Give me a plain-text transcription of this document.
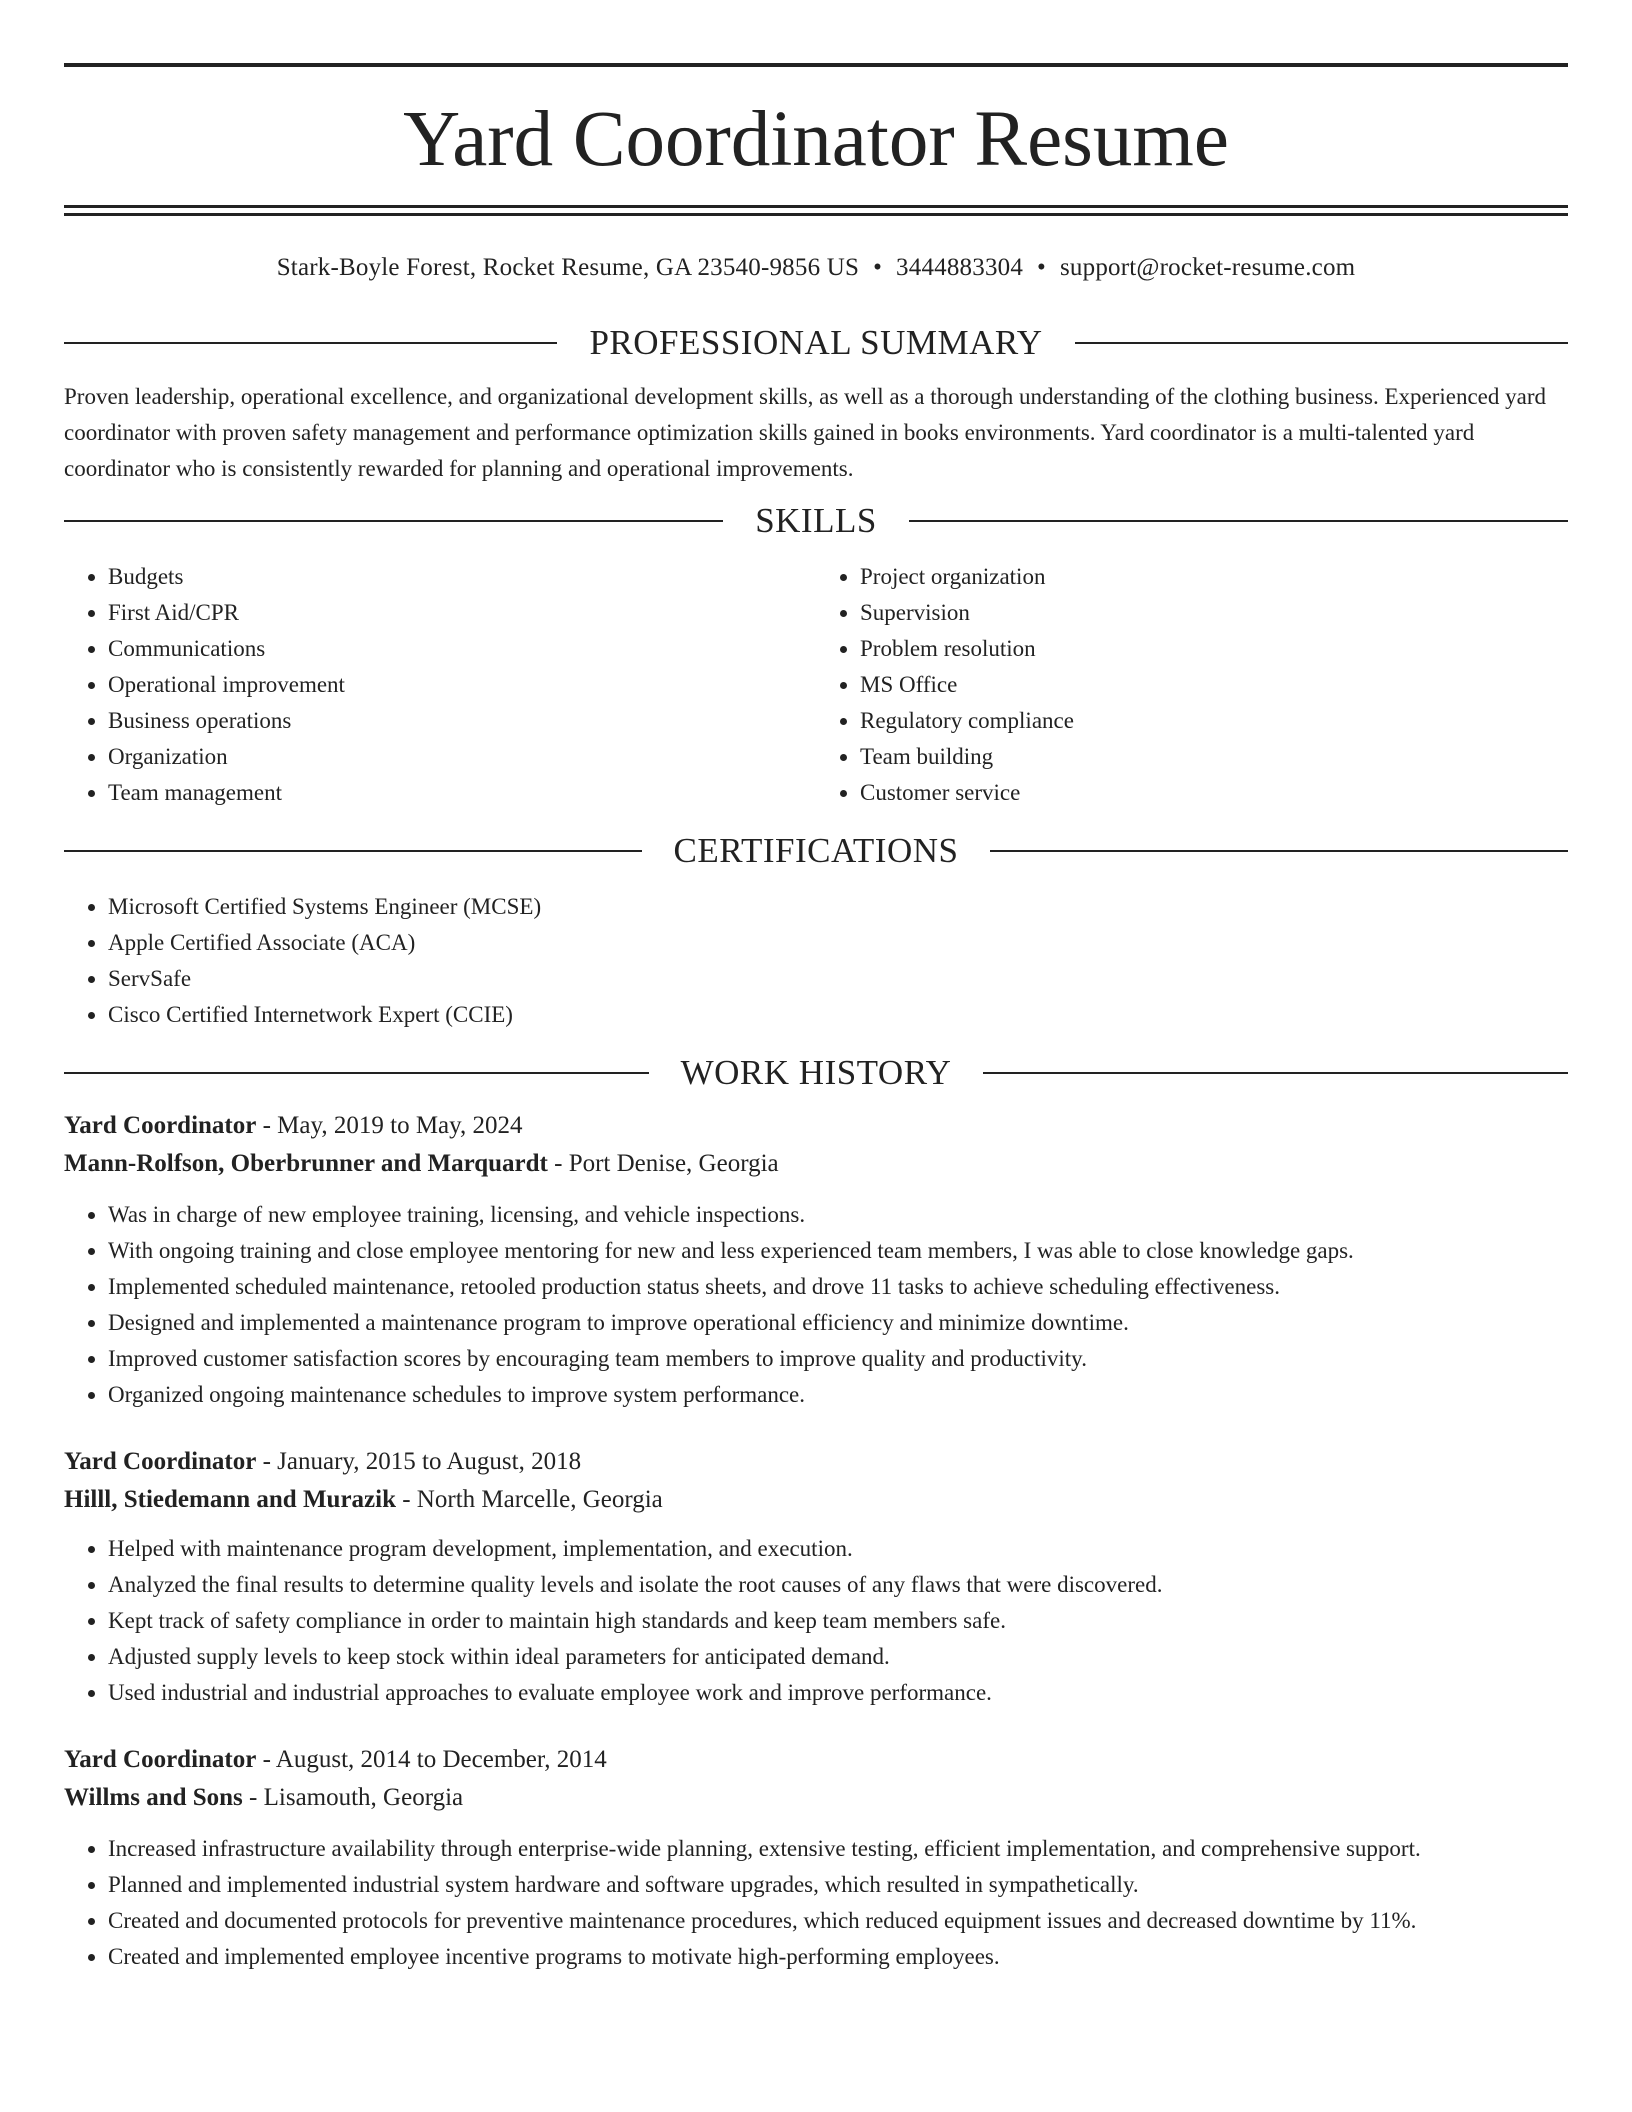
Yard Coordinator Resume
Stark-Boyle Forest, Rocket Resume, GA 23540-9856 US • 3444883304 • support@rocket-resume.com
PROFESSIONAL SUMMARY

Proven leadership, operational excellence, and organizational development skills, as well as a thorough understanding of the clothing business. Experienced yard coordinator with proven safety management and performance optimization skills gained in books environments. Yard coordinator is a multi-talented yard coordinator who is consistently rewarded for planning and operational improvements.

SKILLS
• Budgets
• First Aid/CPR
• Communications
• Operational improvement
• Business operations
• Organization
• Team management
• Project organization
• Supervision
• Problem resolution
• MS Office
• Regulatory compliance
• Team building
• Customer service
CERTIFICATIONS
• Microsoft Certified Systems Engineer (MCSE)
• Apple Certified Associate (ACA)
• ServSafe
• Cisco Certified Internetwork Expert (CCIE)
WORK HISTORY
Yard Coordinator - May, 2019 to May, 2024
Mann-Rolfson, Oberbrunner and Marquardt - Port Denise, Georgia
• Was in charge of new employee training, licensing, and vehicle inspections.
• With ongoing training and close employee mentoring for new and less experienced team members, I was able to close knowledge gaps.
• Implemented scheduled maintenance, retooled production status sheets, and drove 11 tasks to achieve scheduling effectiveness.
• Designed and implemented a maintenance program to improve operational efficiency and minimize downtime.
• Improved customer satisfaction scores by encouraging team members to improve quality and productivity.
• Organized ongoing maintenance schedules to improve system performance.
Yard Coordinator - January, 2015 to August, 2018
Hilll, Stiedemann and Murazik - North Marcelle, Georgia
• Helped with maintenance program development, implementation, and execution.
• Analyzed the final results to determine quality levels and isolate the root causes of any flaws that were discovered.
• Kept track of safety compliance in order to maintain high standards and keep team members safe.
• Adjusted supply levels to keep stock within ideal parameters for anticipated demand.
• Used industrial and industrial approaches to evaluate employee work and improve performance.
Yard Coordinator - August, 2014 to December, 2014
Willms and Sons - Lisamouth, Georgia
• Increased infrastructure availability through enterprise-wide planning, extensive testing, efficient implementation, and comprehensive support.
• Planned and implemented industrial system hardware and software upgrades, which resulted in sympathetically.
• Created and documented protocols for preventive maintenance procedures, which reduced equipment issues and decreased downtime by 11%.
• Created and implemented employee incentive programs to motivate high-performing employees.
